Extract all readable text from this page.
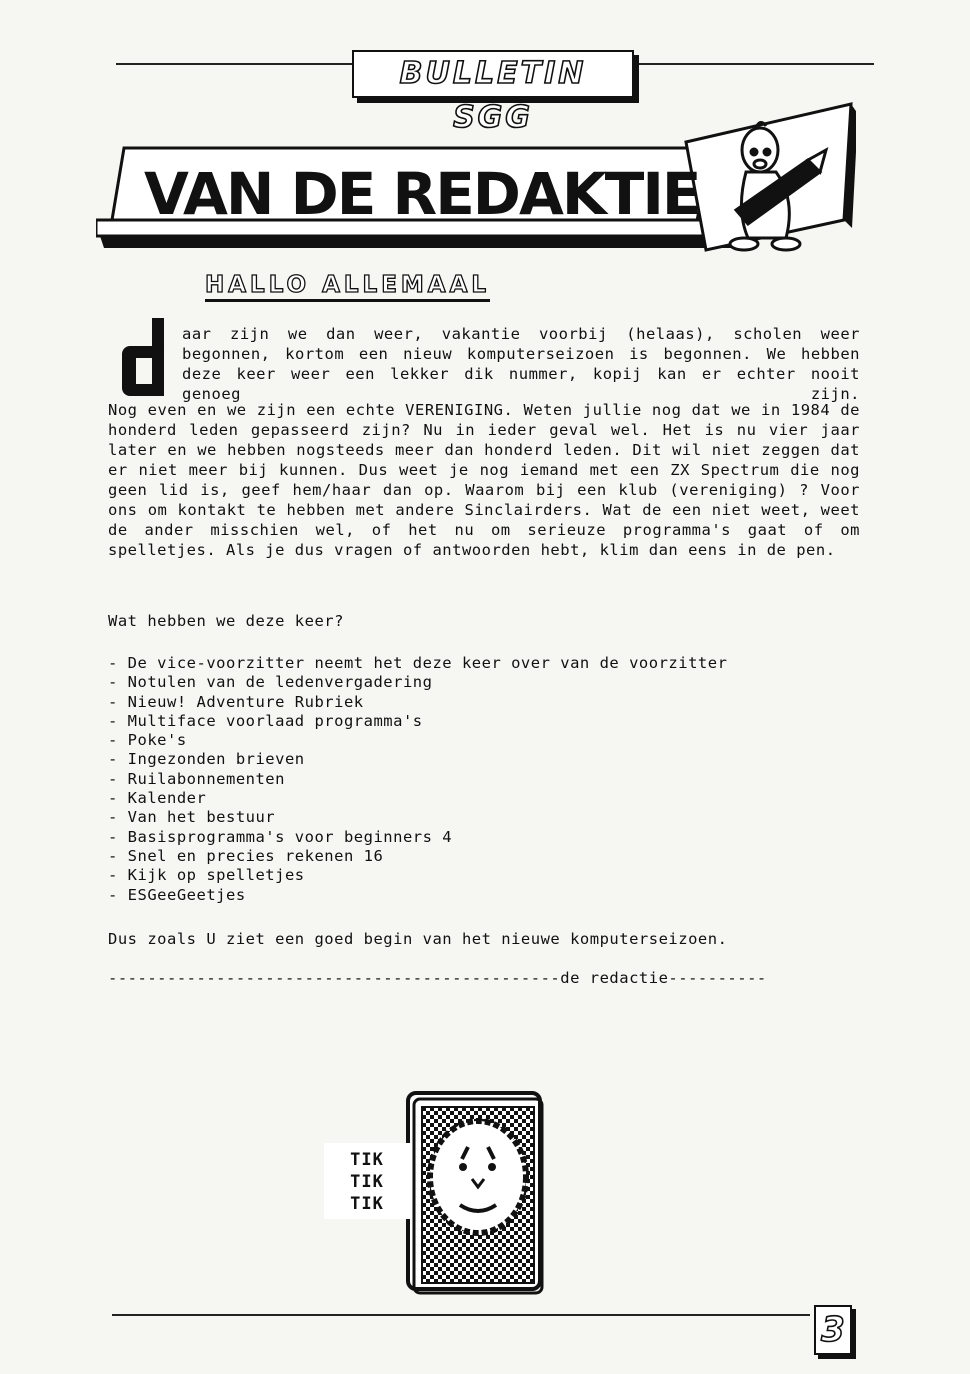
BULLETIN SGG
VAN DE REDAKTIE
HALLO ALLEMAAL
d

aar zijn we dan weer, vakantie voorbij (helaas), scholen weer begonnen, kortom een nieuw komputerseizoen is begonnen. We hebben deze keer weer een lekker dik nummer, kopij kan er echter nooit genoeg zijn.

Nog even en we zijn een echte VERENIGING. Weten jullie nog dat we in 1984 de honderd leden gepasseerd zijn? Nu in ieder geval wel. Het is nu vier jaar later en we hebben nogsteeds meer dan honderd leden. Dit wil niet zeggen dat er niet meer bij kunnen. Dus weet je nog iemand met een ZX Spectrum die nog geen lid is, geef hem/haar dan op. Waarom bij een klub (vereniging) ? Voor ons om kontakt te hebben met andere Sinclairders. Wat de een niet weet, weet de ander misschien wel, of het nu om serieuze programma's gaat of om spelletjes. Als je dus vragen of antwoorden hebt, klim dan eens in de pen.

Wat hebben we deze keer?
- De vice-voorzitter neemt het deze keer over van de voorzitter
- Notulen van de ledenvergadering
- Nieuw! Adventure Rubriek
- Multiface voorlaad programma's
- Poke's
- Ingezonden brieven
- Ruilabonnementen
- Kalender
- Van het bestuur
- Basisprogramma's voor beginners 4
- Snel en precies rekenen 16
- Kijk op spelletjes
- ESGeeGeetjes
Dus zoals U ziet een goed begin van het nieuwe komputerseizoen.
----------------------------------------------de redactie----------
TIK
TIK
TIK
3
